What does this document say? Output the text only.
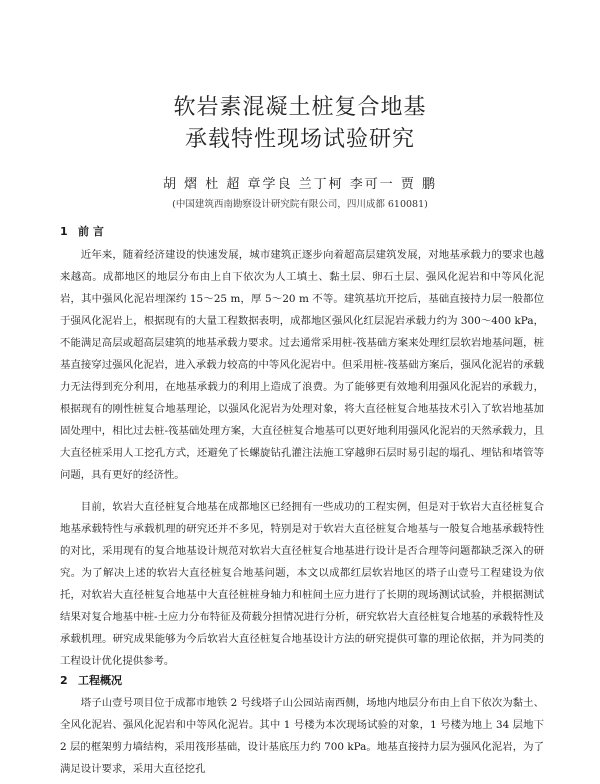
软岩素混凝土桩复合地基
承载特性现场试验研究
胡 熠 杜 超 章学良 兰丁柯 李可一 贾 鹏
(中国建筑西南勘察设计研究院有限公司，四川成都 610081)
1 前 言

近年来，随着经济建设的快速发展，城市建筑正逐步向着超高层建筑发展，对地基承载力的要求也越来越高。成都地区的地层分布由上自下依次为人工填土、黏土层、卵石土层、强风化泥岩和中等风化泥岩，其中强风化泥岩埋深约 15～25 m，厚 5～20 m 不等。建筑基坑开挖后，基础直接持力层一般都位于强风化泥岩上，根据现有的大量工程数据表明，成都地区强风化红层泥岩承载力约为 300～400 kPa，不能满足高层或超高层建筑的地基承载力要求。过去通常采用桩-筏基础方案来处理红层软岩地基问题，桩基直接穿过强风化泥岩，进入承载力较高的中等风化泥岩中。但采用桩-筏基础方案后，强风化泥岩的承载力无法得到充分利用，在地基承载力的利用上造成了浪费。为了能够更有效地利用强风化泥岩的承载力，根据现有的刚性桩复合地基理论，以强风化泥岩为处理对象，将大直径桩复合地基技术引入了软岩地基加固处理中，相比过去桩-筏基础处理方案，大直径桩复合地基可以更好地利用强风化泥岩的天然承载力，且大直径桩采用人工挖孔方式，还避免了长螺旋钻孔灌注法施工穿越卵石层时易引起的塌孔、埋钻和堵管等问题，具有更好的经济性。

目前，软岩大直径桩复合地基在成都地区已经拥有一些成功的工程实例，但是对于软岩大直径桩复合地基承载特性与承载机理的研究还并不多见，特别是对于软岩大直径桩复合地基与一般复合地基承载特性的对比，采用现有的复合地基设计规范对软岩大直径桩复合地基进行设计是否合理等问题都缺乏深入的研究。为了解决上述的软岩大直径桩复合地基问题，本文以成都红层软岩地区的塔子山壹号工程建设为依托，对软岩大直径桩复合地基中大直径桩桩身轴力和桩间土应力进行了长期的现场测试试验，并根据测试结果对复合地基中桩-土应力分布特征及荷载分担情况进行分析，研究软岩大直径桩复合地基的承载特性及承载机理。研究成果能够为今后软岩大直径桩复合地基设计方法的研究提供可靠的理论依据，并为同类的工程设计优化提供参考。

2 工程概况

塔子山壹号项目位于成都市地铁 2 号线塔子山公园站南西侧，场地内地层分布由上自下依次为黏土、全风化泥岩、强风化泥岩和中等风化泥岩。其中 1 号楼为本次现场试验的对象，1 号楼为地上 34 层地下 2 层的框架剪力墙结构，采用筏形基础，设计基底压力约 700 kPa。地基直接持力层为强风化泥岩，为了满足设计要求，采用大直径挖孔
